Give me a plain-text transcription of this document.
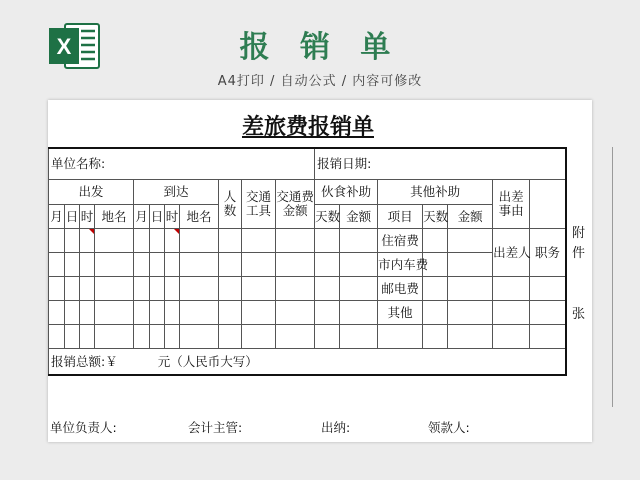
X	报 销 单
A4打印 / 自动公式 / 内容可修改
差旅费报销单
单位名称:											报销日期:						
出发				到达				人数	交通工具	交通费金额	伙食补助		其他补助			出差事由	
月	日	时	地名	月	日	时	地名				天数	金额	项目	天数	金额		
													住宿费			出差人	职务
													市内车费				
													邮电费				
													其他				

报销总额:￥ 元（人民币大写）																	
附
件
张
单位负责人:	会计主管:	出纳:	领款人:
